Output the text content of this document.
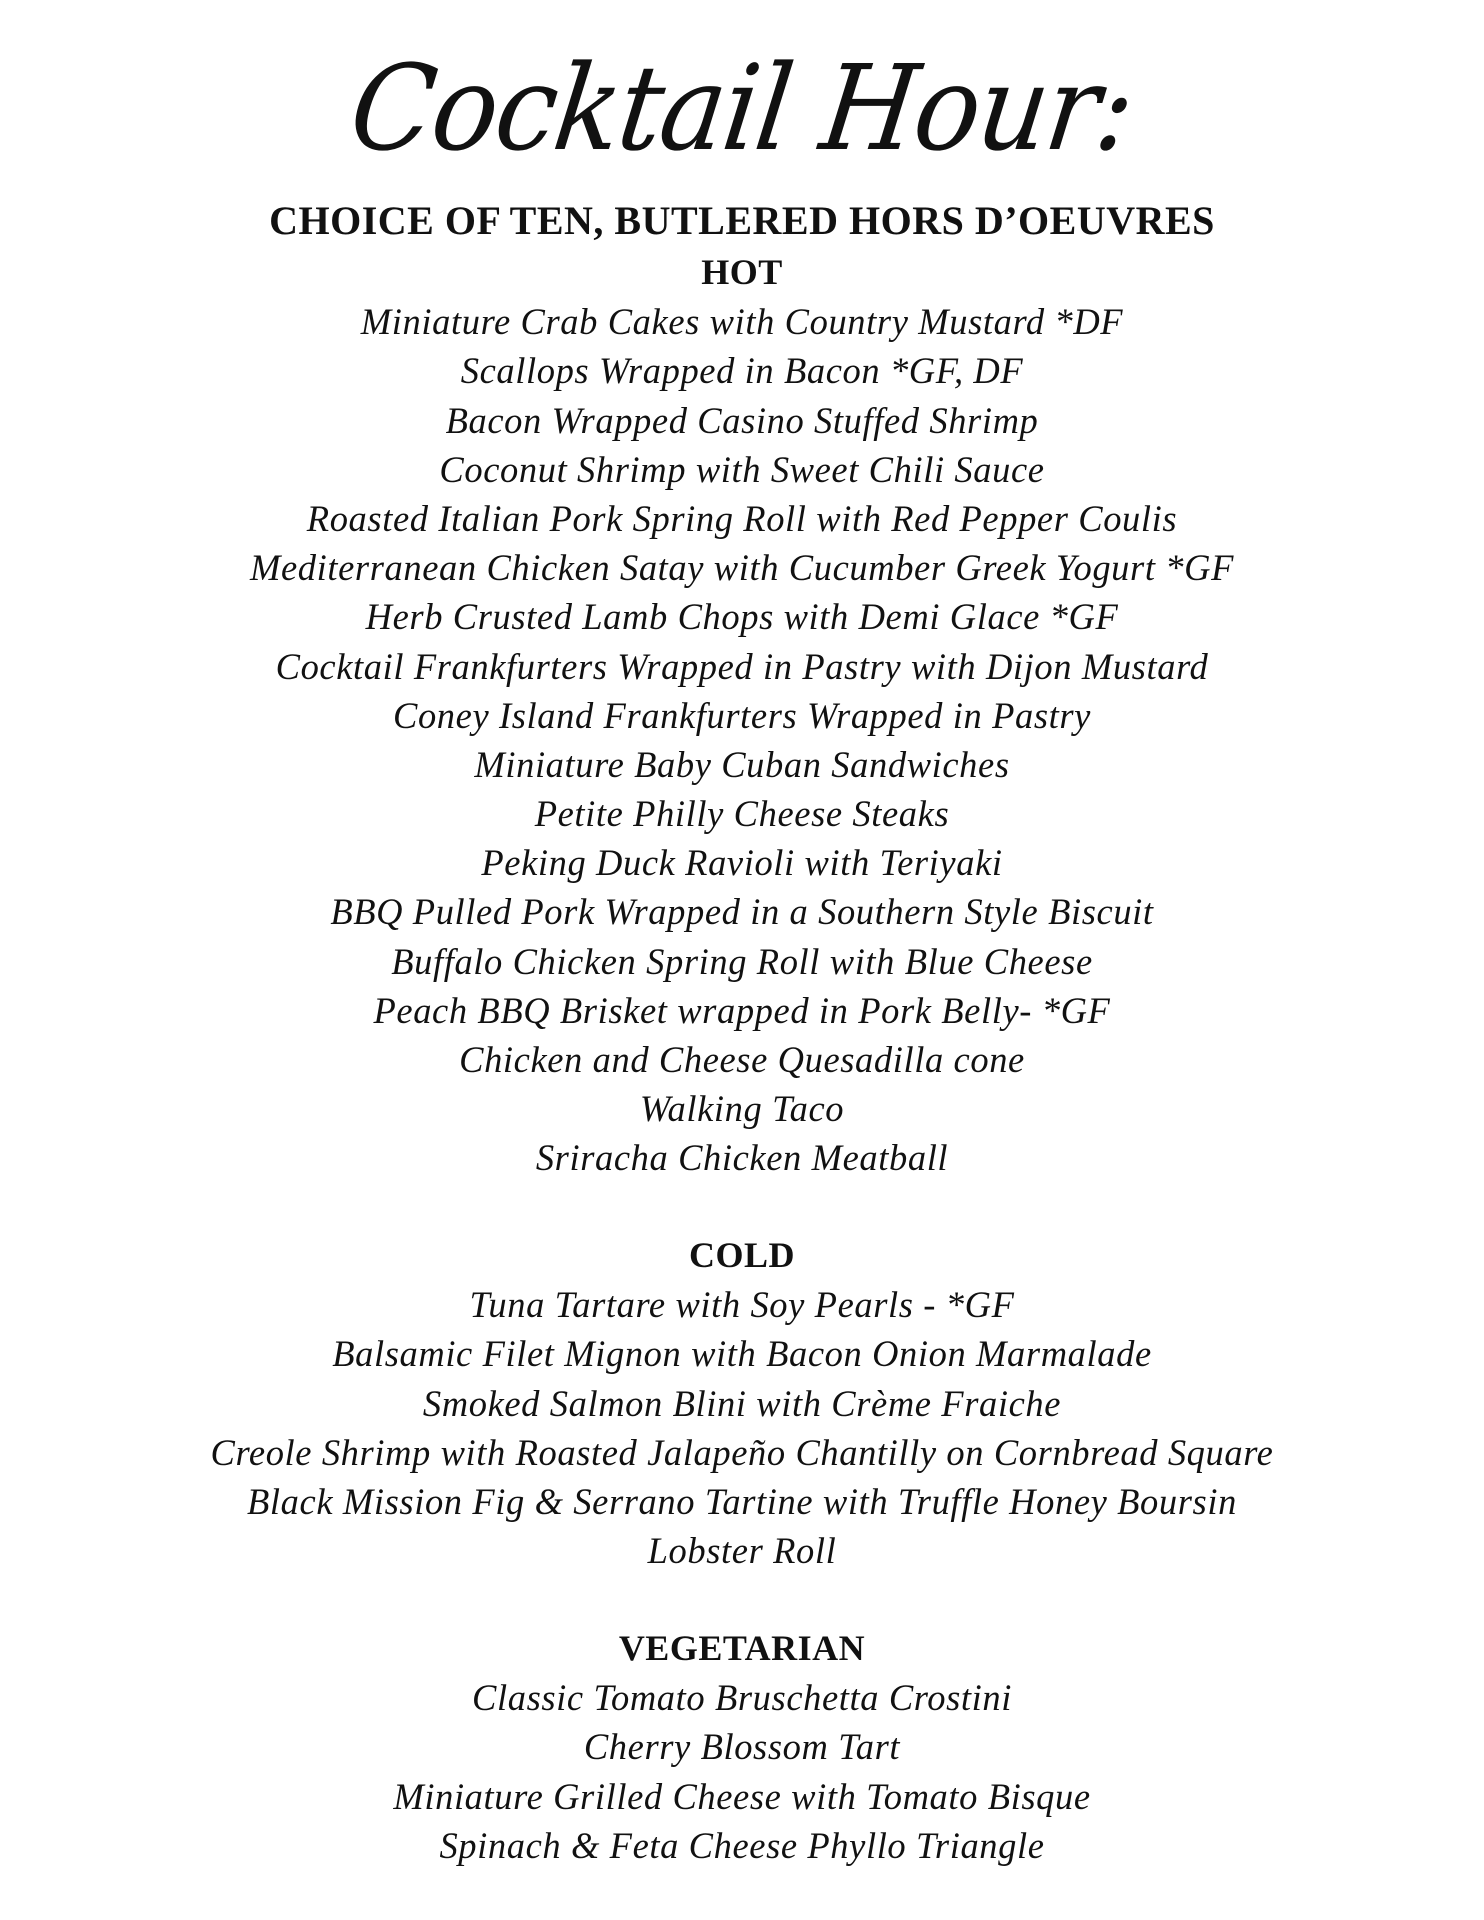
Cocktail Hour:
CHOICE OF TEN, BUTLERED HORS D’OEUVRES
HOT
Miniature Crab Cakes with Country Mustard *DF
Scallops Wrapped in Bacon *GF, DF
Bacon Wrapped Casino Stuffed Shrimp
Coconut Shrimp with Sweet Chili Sauce
Roasted Italian Pork Spring Roll with Red Pepper Coulis
Mediterranean Chicken Satay with Cucumber Greek Yogurt *GF
Herb Crusted Lamb Chops with Demi Glace *GF
Cocktail Frankfurters Wrapped in Pastry with Dijon Mustard
Coney Island Frankfurters Wrapped in Pastry
Miniature Baby Cuban Sandwiches
Petite Philly Cheese Steaks
Peking Duck Ravioli with Teriyaki
BBQ Pulled Pork Wrapped in a Southern Style Biscuit
Buffalo Chicken Spring Roll with Blue Cheese
Peach BBQ Brisket wrapped in Pork Belly- *GF
Chicken and Cheese Quesadilla cone
Walking Taco
Sriracha Chicken Meatball
COLD
Tuna Tartare with Soy Pearls - *GF
Balsamic Filet Mignon with Bacon Onion Marmalade
Smoked Salmon Blini with Crème Fraiche
Creole Shrimp with Roasted Jalapeño Chantilly on Cornbread Square
Black Mission Fig & Serrano Tartine with Truffle Honey Boursin
Lobster Roll
VEGETARIAN
Classic Tomato Bruschetta Crostini
Cherry Blossom Tart
Miniature Grilled Cheese with Tomato Bisque
Spinach & Feta Cheese Phyllo Triangle
